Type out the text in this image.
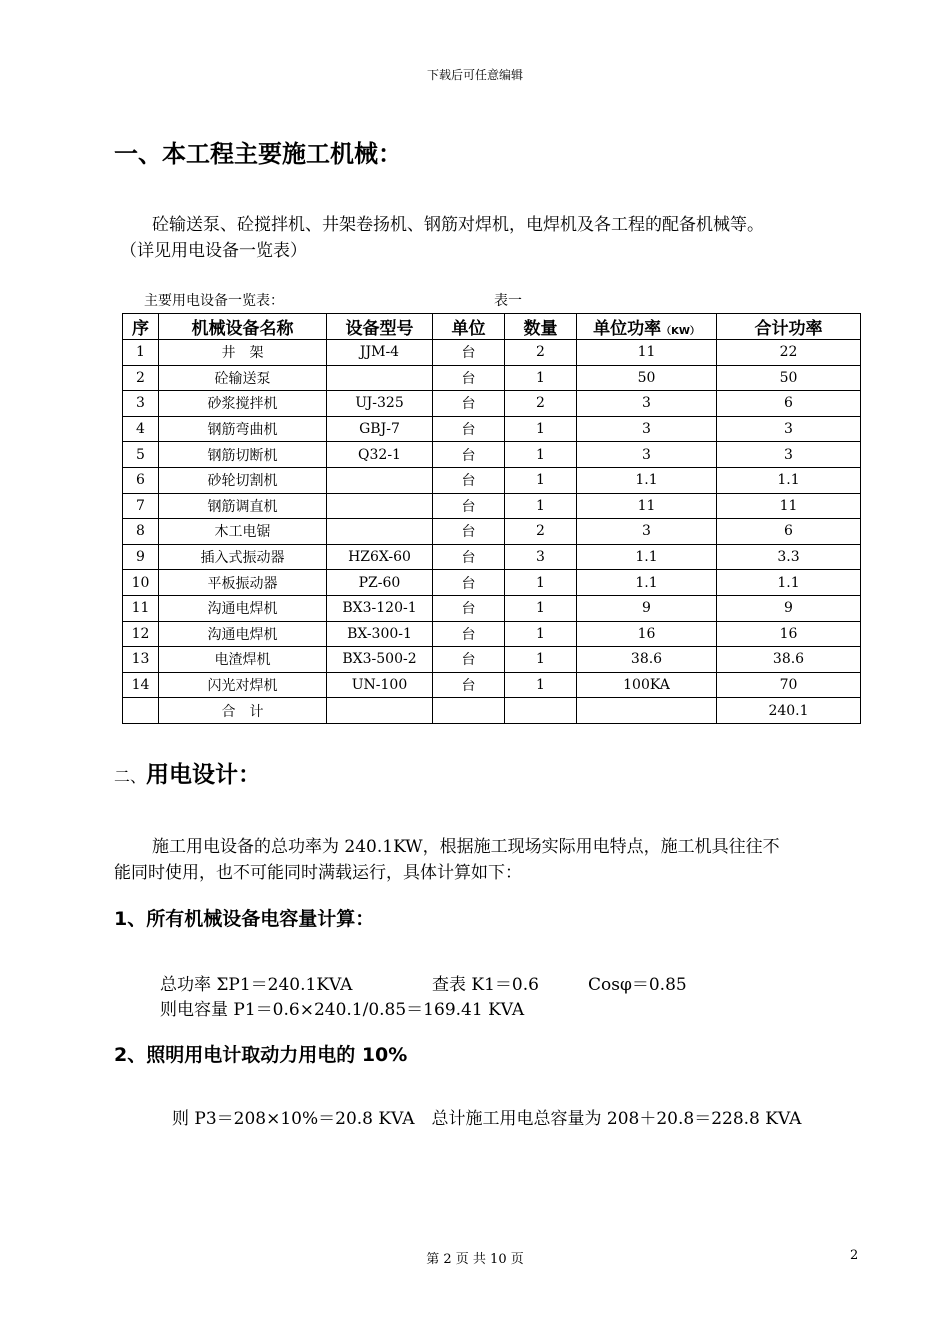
下载后可任意编辑
一、本工程主要施工机械：
砼输送泵、砼搅拌机、井架卷扬机、钢筋对焊机，电焊机及各工程的配备机械等。
（详见用电设备一览表）
主要用电设备一览表：	表一
序	机械设备名称	设备型号	单位	数量	单位功率（KW）	合计功率
1	井　架	JJM-4	台	2	11	22
2	砼输送泵		台	1	50	50
3	砂浆搅拌机	UJ-325	台	2	3	6
4	钢筋弯曲机	GBJ-7	台	1	3	3
5	钢筋切断机	Q32-1	台	1	3	3
6	砂轮切割机		台	1	1.1	1.1
7	钢筋调直机		台	1	11	11
8	木工电锯		台	2	3	6
9	插入式振动器	HZ6X-60	台	3	1.1	3.3
10	平板振动器	PZ-60	台	1	1.1	1.1
11	沟通电焊机	BX3-120-1	台	1	9	9
12	沟通电焊机	BX-300-1	台	1	16	16
13	电渣焊机	BX3-500-2	台	1	38.6	38.6
14	闪光对焊机	UN-100	台	1	100KA	70
	合　计					240.1
二、用电设计：
施工用电设备的总功率为 240.1KW，根据施工现场实际用电特点，施工机具往往不
能同时使用，也不可能同时满载运行，具体计算如下：
1、所有机械设备电容量计算：
总功率 ΣP1＝240.1KVA	查表 K1＝0.6	Cosφ＝0.85
则电容量 P1＝0.6×240.1/0.85＝169.41 KVA
2、照明用电计取动力用电的 10%
则 P3＝208×10%＝20.8 KVA　总计施工用电总容量为 208＋20.8＝228.8 KVA
第 2 页 共 10 页	2
